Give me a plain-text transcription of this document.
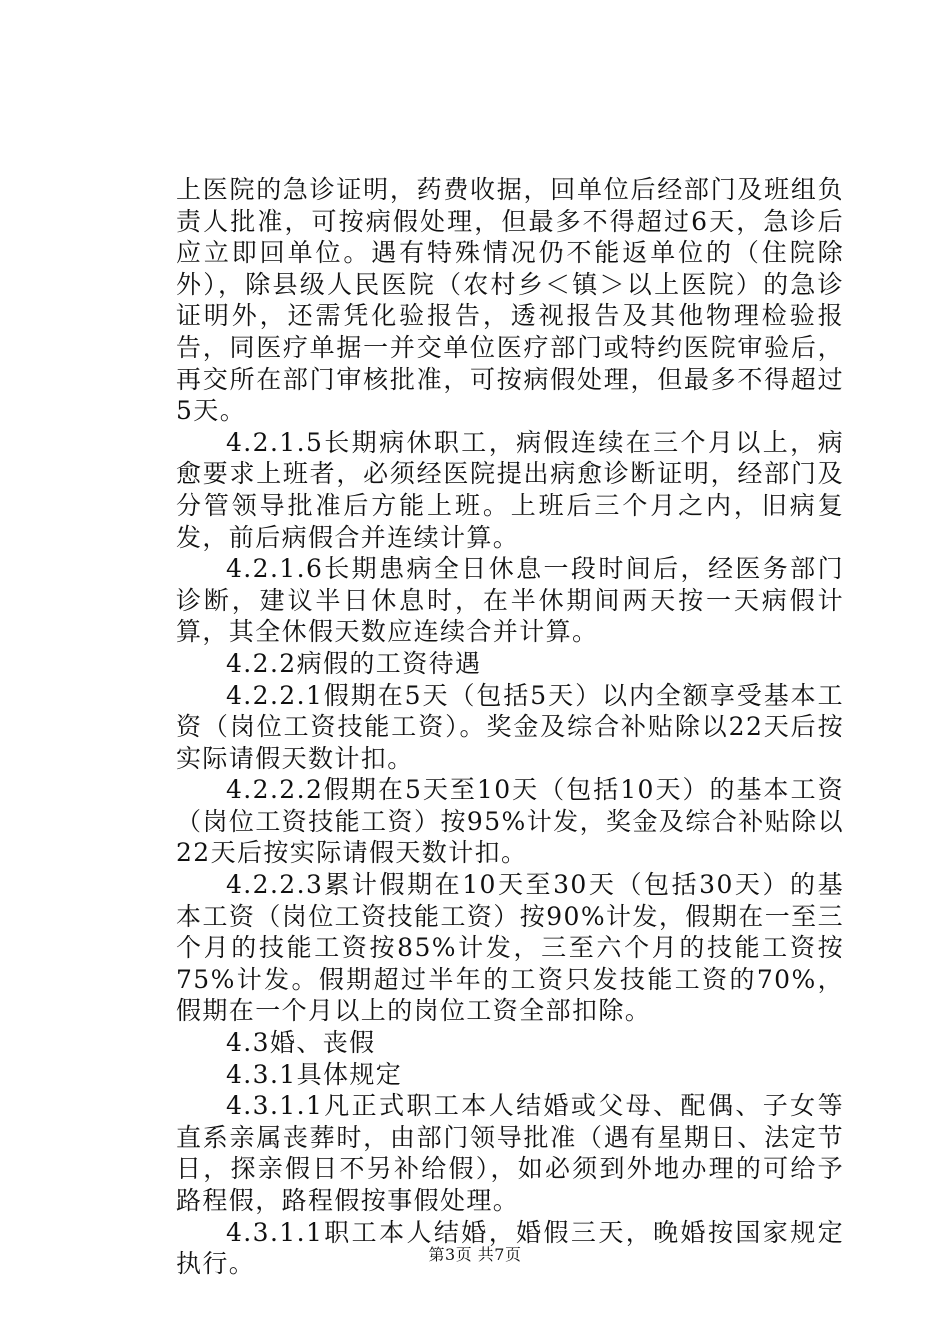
上医院的急诊证明，药费收据，回单位后经部门及班组负责人批准，可按病假处理，但最多不得超过6天，急诊后应立即回单位。遇有特殊情况仍不能返单位的（住院除外），除县级人民医院（农村乡＜镇＞以上医院）的急诊证明外，还需凭化验报告，透视报告及其他物理检验报告，同医疗单据一并交单位医疗部门或特约医院审验后，再交所在部门审核批准，可按病假处理，但最多不得超过5天。

4.2.1.5长期病休职工，病假连续在三个月以上，病愈要求上班者，必须经医院提出病愈诊断证明，经部门及分管领导批准后方能上班。上班后三个月之内，旧病复发，前后病假合并连续计算。

4.2.1.6长期患病全日休息一段时间后，经医务部门诊断，建议半日休息时，在半休期间两天按一天病假计算，其全休假天数应连续合并计算。

4.2.2病假的工资待遇

4.2.2.1假期在5天（包括5天）以内全额享受基本工资（岗位工资技能工资）。奖金及综合补贴除以22天后按实际请假天数计扣。

4.2.2.2假期在5天至10天（包括10天）的基本工资（岗位工资技能工资）按95%计发，奖金及综合补贴除以22天后按实际请假天数计扣。

4.2.2.3累计假期在10天至30天（包括30天）的基本工资（岗位工资技能工资）按90%计发，假期在一至三个月的技能工资按85%计发，三至六个月的技能工资按75%计发。假期超过半年的工资只发技能工资的70%，假期在一个月以上的岗位工资全部扣除。

4.3婚、丧假

4.3.1具体规定

4.3.1.1凡正式职工本人结婚或父母、配偶、子女等直系亲属丧葬时，由部门领导批准（遇有星期日、法定节日，探亲假日不另补给假），如必须到外地办理的可给予路程假，路程假按事假处理。

4.3.1.1职工本人结婚，婚假三天，晚婚按国家规定执行。	第3页 共7页
